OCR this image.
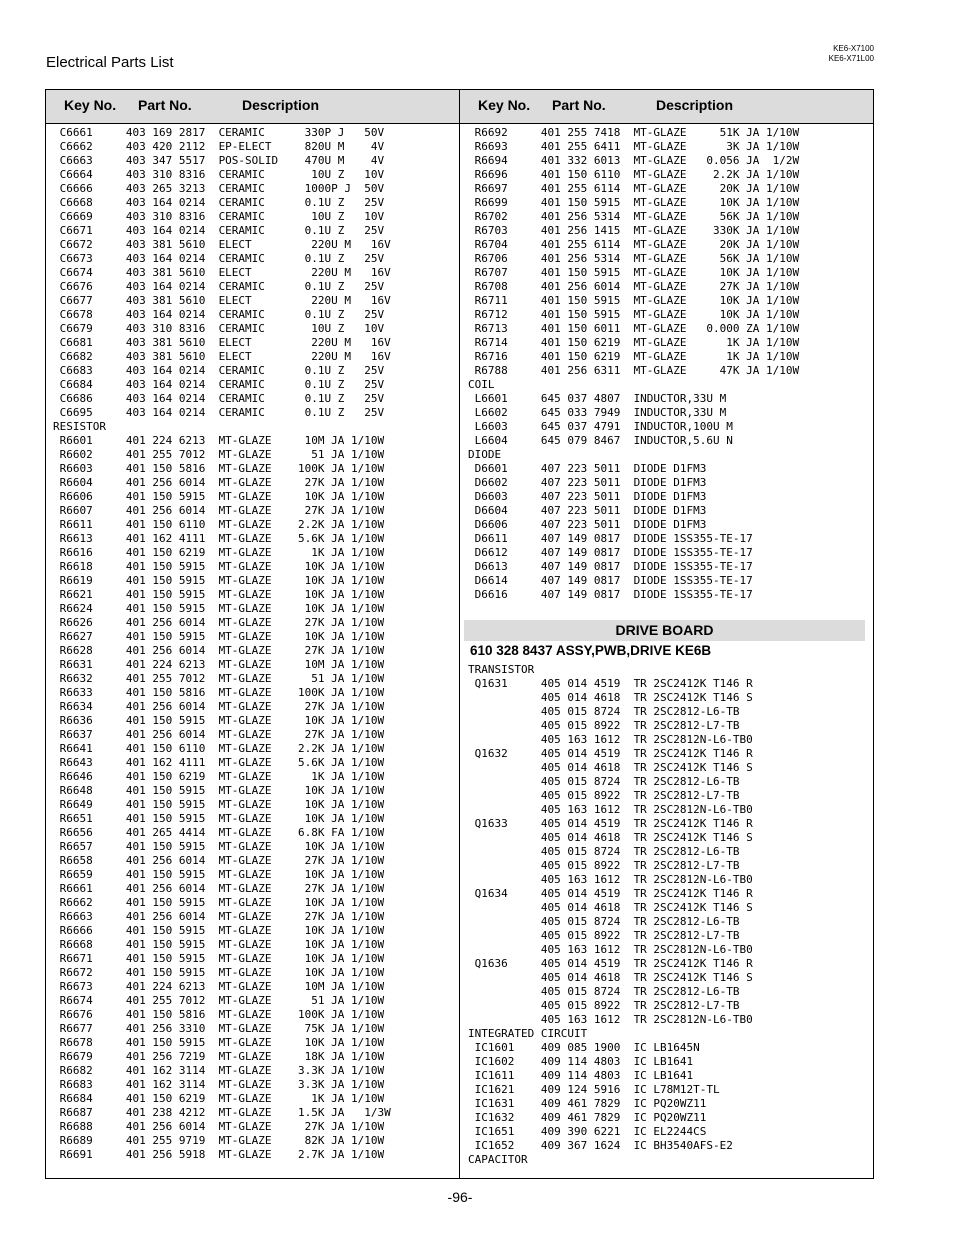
Electrical Parts List
KE6-X7100
KE6-X71L00
Key No. Part No.	Description	Key No. Part No.	Description
C6661     403 169 2817  CERAMIC      330P J   50V
C6662     403 420 2112  EP-ELECT     820U M    4V
C6663     403 347 5517  POS-SOLID    470U M    4V
C6664     403 310 8316  CERAMIC       10U Z   10V
C6666     403 265 3213  CERAMIC      1000P J  50V
C6668     403 164 0214  CERAMIC      0.1U Z   25V
C6669     403 310 8316  CERAMIC       10U Z   10V
C6671     403 164 0214  CERAMIC      0.1U Z   25V
C6672     403 381 5610  ELECT         220U M   16V
C6673     403 164 0214  CERAMIC      0.1U Z   25V
C6674     403 381 5610  ELECT         220U M   16V
C6676     403 164 0214  CERAMIC      0.1U Z   25V
C6677     403 381 5610  ELECT         220U M   16V
C6678     403 164 0214  CERAMIC      0.1U Z   25V
C6679     403 310 8316  CERAMIC       10U Z   10V
C6681     403 381 5610  ELECT         220U M   16V
C6682     403 381 5610  ELECT         220U M   16V
C6683     403 164 0214  CERAMIC      0.1U Z   25V
C6684     403 164 0214  CERAMIC      0.1U Z   25V
C6686     403 164 0214  CERAMIC      0.1U Z   25V
C6695     403 164 0214  CERAMIC      0.1U Z   25V
RESISTOR
R6601     401 224 6213  MT-GLAZE     10M JA 1/10W
R6602     401 255 7012  MT-GLAZE      51 JA 1/10W
R6603     401 150 5816  MT-GLAZE    100K JA 1/10W
R6604     401 256 6014  MT-GLAZE     27K JA 1/10W
R6606     401 150 5915  MT-GLAZE     10K JA 1/10W
R6607     401 256 6014  MT-GLAZE     27K JA 1/10W
R6611     401 150 6110  MT-GLAZE    2.2K JA 1/10W
R6613     401 162 4111  MT-GLAZE    5.6K JA 1/10W
R6616     401 150 6219  MT-GLAZE      1K JA 1/10W
R6618     401 150 5915  MT-GLAZE     10K JA 1/10W
R6619     401 150 5915  MT-GLAZE     10K JA 1/10W
R6621     401 150 5915  MT-GLAZE     10K JA 1/10W
R6624     401 150 5915  MT-GLAZE     10K JA 1/10W
R6626     401 256 6014  MT-GLAZE     27K JA 1/10W
R6627     401 150 5915  MT-GLAZE     10K JA 1/10W
R6628     401 256 6014  MT-GLAZE     27K JA 1/10W
R6631     401 224 6213  MT-GLAZE     10M JA 1/10W
R6632     401 255 7012  MT-GLAZE      51 JA 1/10W
R6633     401 150 5816  MT-GLAZE    100K JA 1/10W
R6634     401 256 6014  MT-GLAZE     27K JA 1/10W
R6636     401 150 5915  MT-GLAZE     10K JA 1/10W
R6637     401 256 6014  MT-GLAZE     27K JA 1/10W
R6641     401 150 6110  MT-GLAZE    2.2K JA 1/10W
R6643     401 162 4111  MT-GLAZE    5.6K JA 1/10W
R6646     401 150 6219  MT-GLAZE      1K JA 1/10W
R6648     401 150 5915  MT-GLAZE     10K JA 1/10W
R6649     401 150 5915  MT-GLAZE     10K JA 1/10W
R6651     401 150 5915  MT-GLAZE     10K JA 1/10W
R6656     401 265 4414  MT-GLAZE    6.8K FA 1/10W
R6657     401 150 5915  MT-GLAZE     10K JA 1/10W
R6658     401 256 6014  MT-GLAZE     27K JA 1/10W
R6659     401 150 5915  MT-GLAZE     10K JA 1/10W
R6661     401 256 6014  MT-GLAZE     27K JA 1/10W
R6662     401 150 5915  MT-GLAZE     10K JA 1/10W
R6663     401 256 6014  MT-GLAZE     27K JA 1/10W
R6666     401 150 5915  MT-GLAZE     10K JA 1/10W
R6668     401 150 5915  MT-GLAZE     10K JA 1/10W
R6671     401 150 5915  MT-GLAZE     10K JA 1/10W
R6672     401 150 5915  MT-GLAZE     10K JA 1/10W
R6673     401 224 6213  MT-GLAZE     10M JA 1/10W
R6674     401 255 7012  MT-GLAZE      51 JA 1/10W
R6676     401 150 5816  MT-GLAZE    100K JA 1/10W
R6677     401 256 3310  MT-GLAZE     75K JA 1/10W
R6678     401 150 5915  MT-GLAZE     10K JA 1/10W
R6679     401 256 7219  MT-GLAZE     18K JA 1/10W
R6682     401 162 3114  MT-GLAZE    3.3K JA 1/10W
R6683     401 162 3114  MT-GLAZE    3.3K JA 1/10W
R6684     401 150 6219  MT-GLAZE      1K JA 1/10W
R6687     401 238 4212  MT-GLAZE    1.5K JA   1/3W
R6688     401 256 6014  MT-GLAZE     27K JA 1/10W
R6689     401 255 9719  MT-GLAZE     82K JA 1/10W
R6691     401 256 5918  MT-GLAZE    2.7K JA 1/10W
R6692     401 255 7418  MT-GLAZE     51K JA 1/10W
R6693     401 255 6411  MT-GLAZE      3K JA 1/10W
R6694     401 332 6013  MT-GLAZE   0.056 JA  1/2W
R6696     401 150 6110  MT-GLAZE    2.2K JA 1/10W
R6697     401 255 6114  MT-GLAZE     20K JA 1/10W
R6699     401 150 5915  MT-GLAZE     10K JA 1/10W
R6702     401 256 5314  MT-GLAZE     56K JA 1/10W
R6703     401 256 1415  MT-GLAZE    330K JA 1/10W
R6704     401 255 6114  MT-GLAZE     20K JA 1/10W
R6706     401 256 5314  MT-GLAZE     56K JA 1/10W
R6707     401 150 5915  MT-GLAZE     10K JA 1/10W
R6708     401 256 6014  MT-GLAZE     27K JA 1/10W
R6711     401 150 5915  MT-GLAZE     10K JA 1/10W
R6712     401 150 5915  MT-GLAZE     10K JA 1/10W
R6713     401 150 6011  MT-GLAZE   0.000 ZA 1/10W
R6714     401 150 6219  MT-GLAZE      1K JA 1/10W
R6716     401 150 6219  MT-GLAZE      1K JA 1/10W
R6788     401 256 6311  MT-GLAZE     47K JA 1/10W
COIL
L6601     645 037 4807  INDUCTOR,33U M
L6602     645 033 7949  INDUCTOR,33U M
L6603     645 037 4791  INDUCTOR,100U M
L6604     645 079 8467  INDUCTOR,5.6U N
DIODE
D6601     407 223 5011  DIODE D1FM3
D6602     407 223 5011  DIODE D1FM3
D6603     407 223 5011  DIODE D1FM3
D6604     407 223 5011  DIODE D1FM3
D6606     407 223 5011  DIODE D1FM3
D6611     407 149 0817  DIODE 1SS355-TE-17
D6612     407 149 0817  DIODE 1SS355-TE-17
D6613     407 149 0817  DIODE 1SS355-TE-17
D6614     407 149 0817  DIODE 1SS355-TE-17
D6616     407 149 0817  DIODE 1SS355-TE-17
DRIVE BOARD
610 328 8437 ASSY,PWB,DRIVE KE6B
TRANSISTOR
Q1631     405 014 4519  TR 2SC2412K T146 R
405 014 4618  TR 2SC2412K T146 S
405 015 8724  TR 2SC2812-L6-TB
405 015 8922  TR 2SC2812-L7-TB
405 163 1612  TR 2SC2812N-L6-TB0
Q1632     405 014 4519  TR 2SC2412K T146 R
405 014 4618  TR 2SC2412K T146 S
405 015 8724  TR 2SC2812-L6-TB
405 015 8922  TR 2SC2812-L7-TB
405 163 1612  TR 2SC2812N-L6-TB0
Q1633     405 014 4519  TR 2SC2412K T146 R
405 014 4618  TR 2SC2412K T146 S
405 015 8724  TR 2SC2812-L6-TB
405 015 8922  TR 2SC2812-L7-TB
405 163 1612  TR 2SC2812N-L6-TB0
Q1634     405 014 4519  TR 2SC2412K T146 R
405 014 4618  TR 2SC2412K T146 S
405 015 8724  TR 2SC2812-L6-TB
405 015 8922  TR 2SC2812-L7-TB
405 163 1612  TR 2SC2812N-L6-TB0
Q1636     405 014 4519  TR 2SC2412K T146 R
405 014 4618  TR 2SC2412K T146 S
405 015 8724  TR 2SC2812-L6-TB
405 015 8922  TR 2SC2812-L7-TB
405 163 1612  TR 2SC2812N-L6-TB0
INTEGRATED CIRCUIT
IC1601    409 085 1900  IC LB1645N
IC1602    409 114 4803  IC LB1641
IC1611    409 114 4803  IC LB1641
IC1621    409 124 5916  IC L78M12T-TL
IC1631    409 461 7829  IC PQ20WZ11
IC1632    409 461 7829  IC PQ20WZ11
IC1651    409 390 6221  IC EL2244CS
IC1652    409 367 1624  IC BH3540AFS-E2
CAPACITOR
-96-
